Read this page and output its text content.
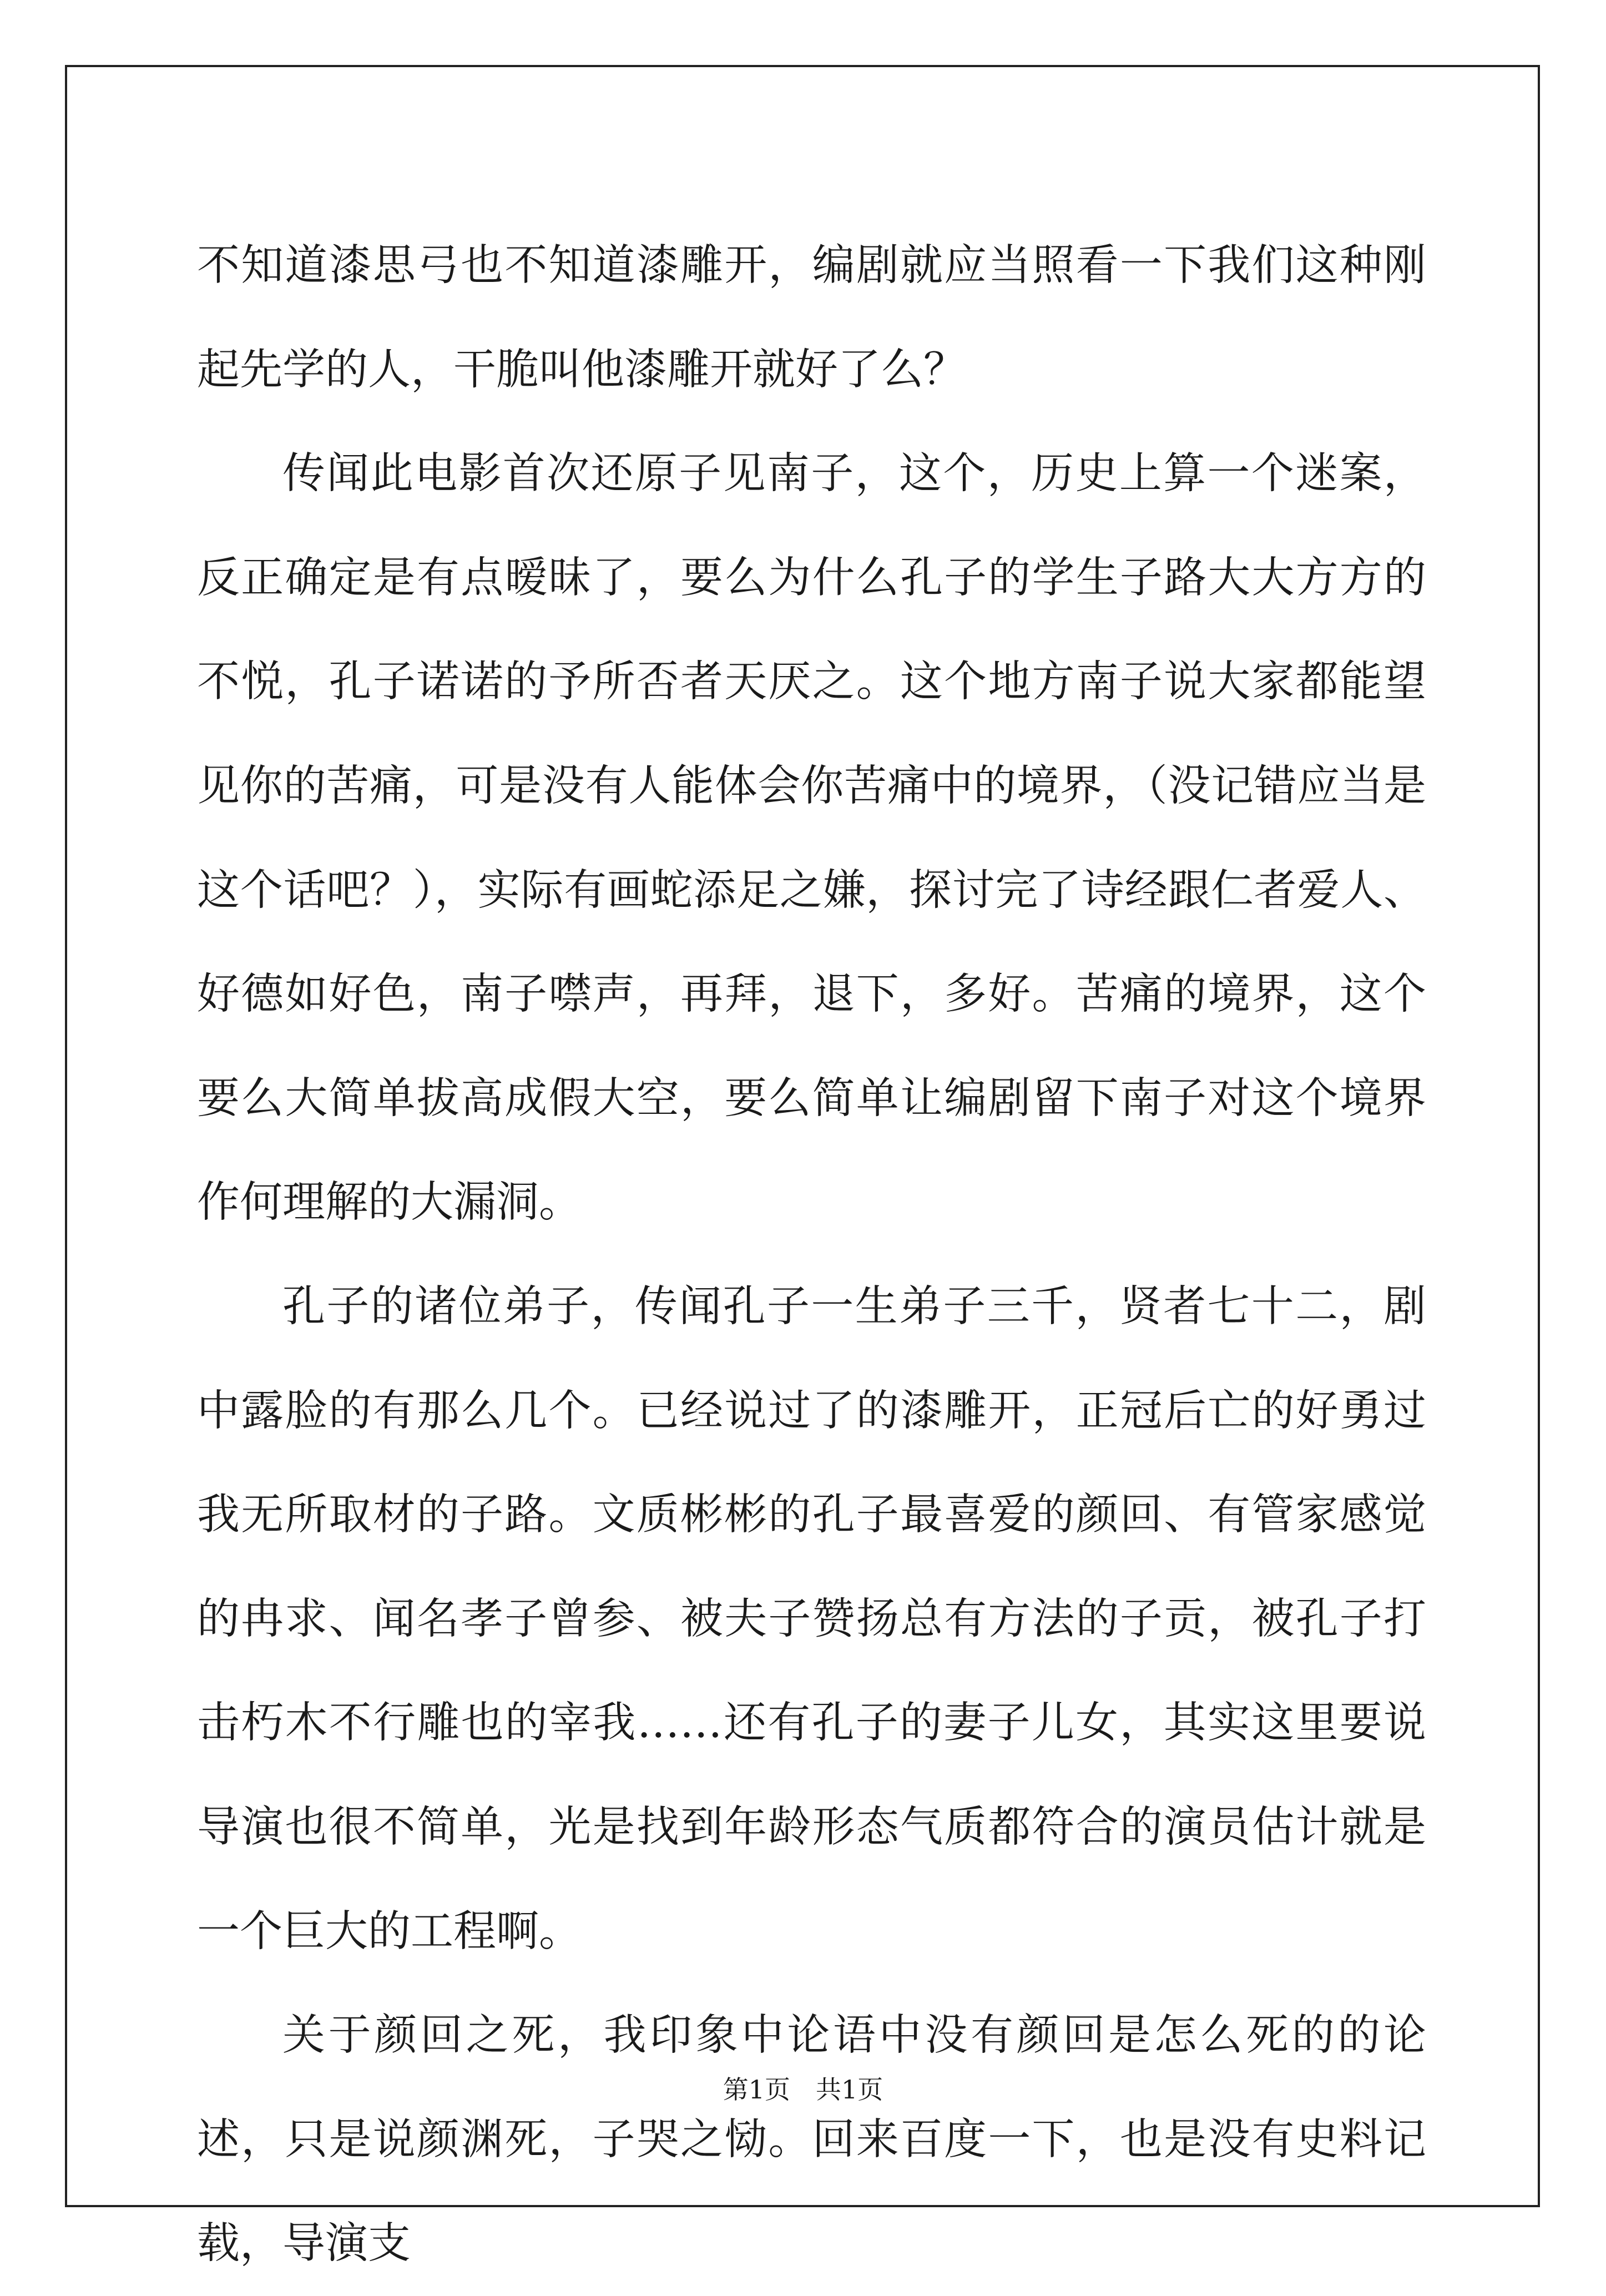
不知道漆思弓也不知道漆雕开，编剧就应当照看一下我们这种刚起先学的人，干脆叫他漆雕开就好了么？

传闻此电影首次还原子见南子，这个，历史上算一个迷案，反正确定是有点暧昧了，要么为什么孔子的学生子路大大方方的不悦，孔子诺诺的予所否者天厌之。这个地方南子说大家都能望见你的苦痛，可是没有人能体会你苦痛中的境界，（没记错应当是这个话吧？），实际有画蛇添足之嫌，探讨完了诗经跟仁者爱人、好德如好色，南子噤声，再拜，退下，多好。苦痛的境界，这个要么大简单拔高成假大空，要么简单让编剧留下南子对这个境界作何理解的大漏洞。

孔子的诸位弟子，传闻孔子一生弟子三千，贤者七十二，剧中露脸的有那么几个。已经说过了的漆雕开，正冠后亡的好勇过我无所取材的子路。文质彬彬的孔子最喜爱的颜回、有管家感觉的冉求、闻名孝子曾参、被夫子赞扬总有方法的子贡，被孔子打击朽木不行雕也的宰我……还有孔子的妻子儿女，其实这里要说导演也很不简单，光是找到年龄形态气质都符合的演员估计就是一个巨大的工程啊。

关于颜回之死，我印象中论语中没有颜回是怎么死的的论述，只是说颜渊死，子哭之恸。回来百度一下，也是没有史料记载，导演支

第1页　共1页
